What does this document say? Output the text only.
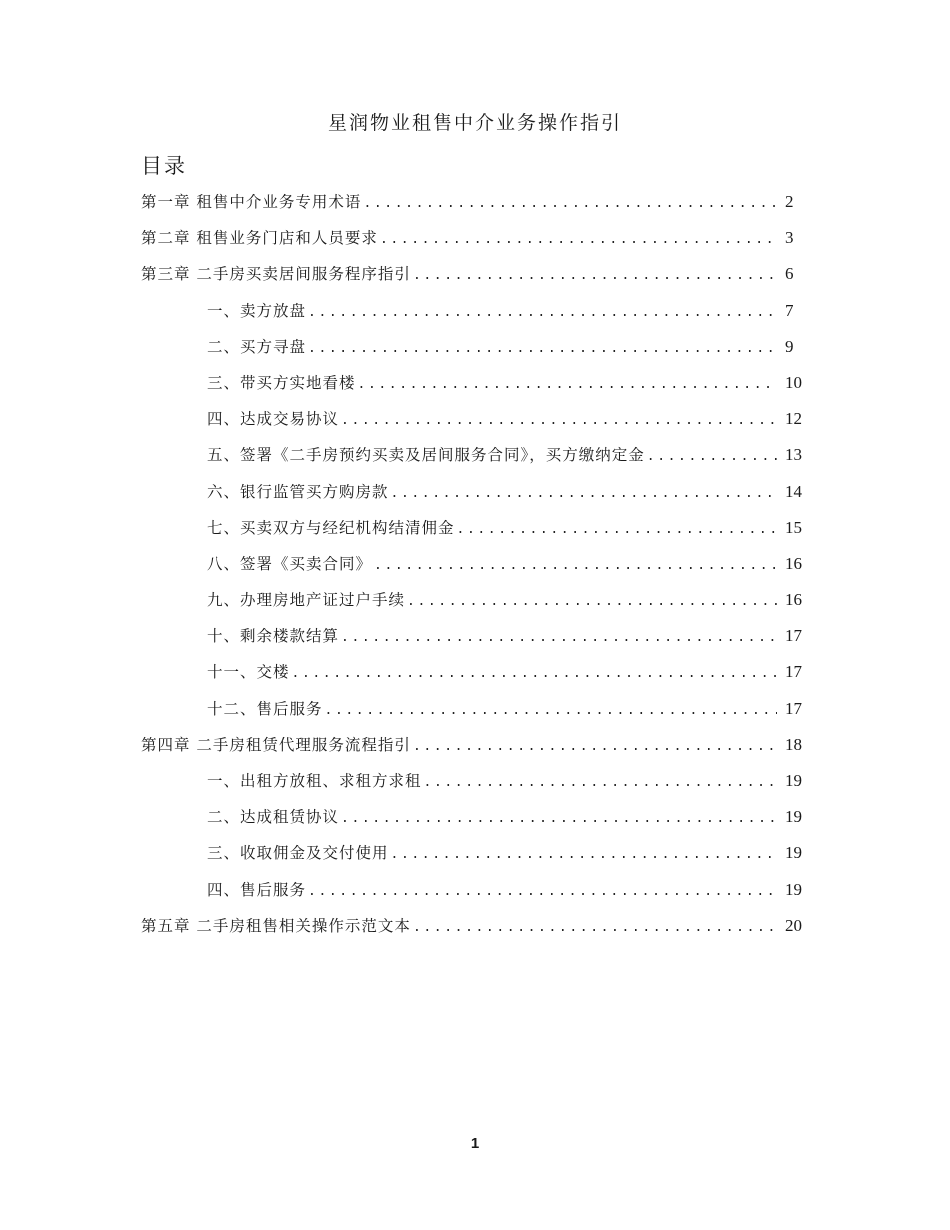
星润物业租售中介业务操作指引
目录
第一章 租售中介业务专用术语 .....	2
第二章 租售业务门店和人员要求 .....	3
第三章 二手房买卖居间服务程序指引 .....	6
一、卖方放盘 .....	7
二、买方寻盘 .....	9
三、带买方实地看楼 .....	10
四、达成交易协议 .....	12
五、签署《二手房预约买卖及居间服务合同》，买方缴纳定金 .....	13
六、银行监管买方购房款 .....	14
七、买卖双方与经纪机构结清佣金 .....	15
八、签署《买卖合同》 .....	16
九、办理房地产证过户手续 .....	16
十、剩余楼款结算 .....	17
十一、交楼 .....	17
十二、售后服务 .....	17
第四章 二手房租赁代理服务流程指引 .....	18
一、出租方放租、求租方求租 .....	19
二、达成租赁协议 .....	19
三、收取佣金及交付使用 .....	19
四、售后服务 .....	19
第五章 二手房租售相关操作示范文本 .....	20
1
